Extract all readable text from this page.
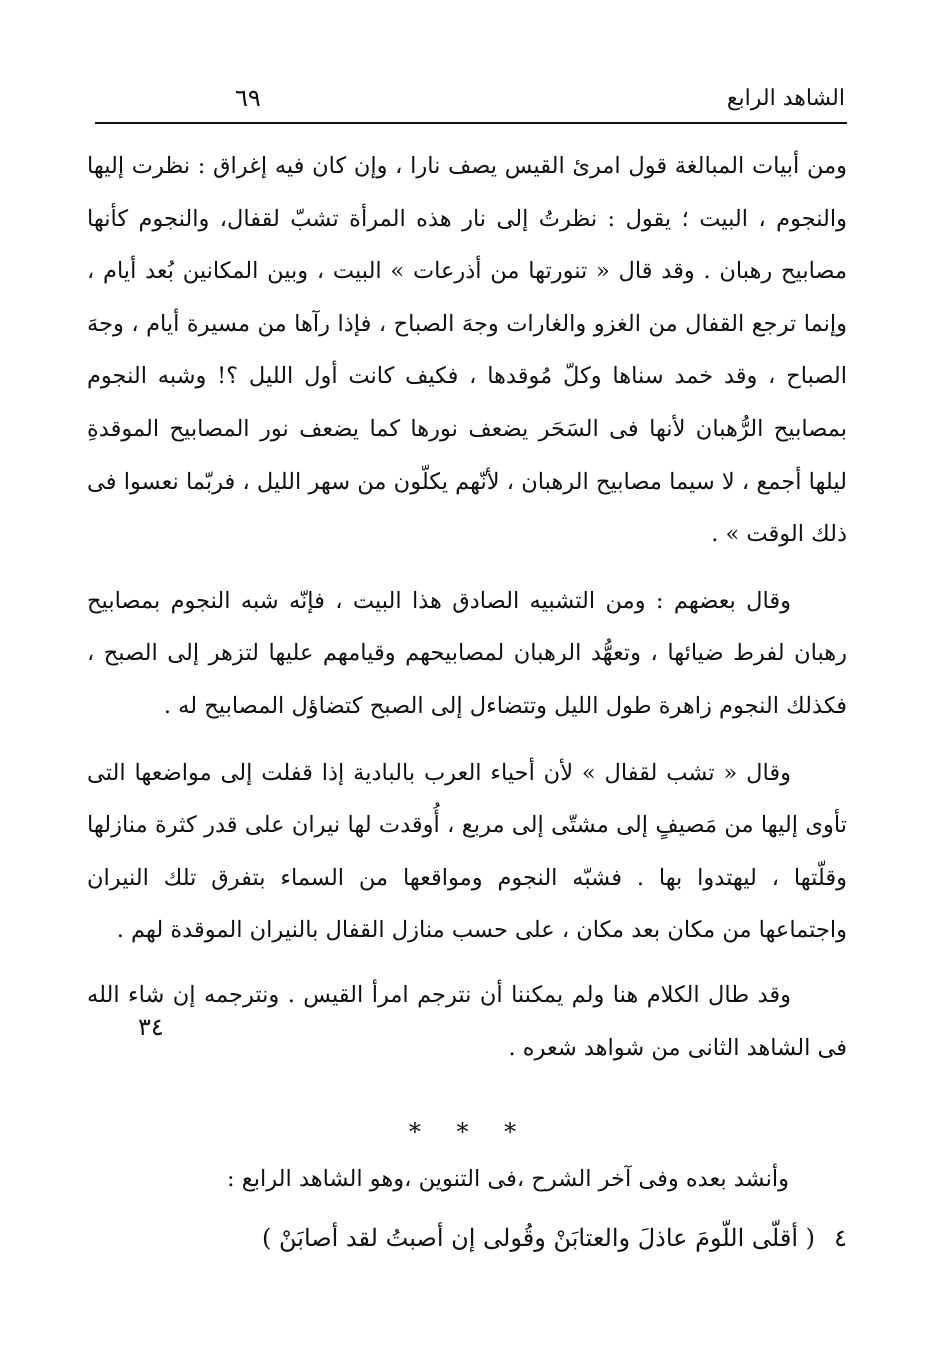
الشاهد الرابع
٦٩

ومن أبيات المبالغة قول امرئ القيس يصف نارا ، وإن كان فيه إغراق : نظرت إليها والنجوم ، البيت ؛ يقول : نظرتُ إلى نار هذه المرأة تشبّ لقفال، والنجوم كأنها مصابيح رهبان . وقد قال « تنورتها من أذرعات » البيت ، وبين المكانين بُعد أيام ، وإنما ترجع القفال من الغزو والغارات وجهَ الصباح ، فإذا رآها من مسيرة أيام ، وجهَ الصباح ، وقد خمد سناها وكلّ مُوقدها ، فكيف كانت أول الليل ؟! وشبه النجوم بمصابيح الرُّهبان لأنها فى السَحَر يضعف نورها كما يضعف نور المصابيح الموقدةِ ليلها أجمع ، لا سيما مصابيح الرهبان ، لأنّهم يكلّون من سهر الليل ، فربّما نعسوا فى ذلك الوقت » .

وقال بعضهم : ومن التشبيه الصادق هذا البيت ، فإنّه شبه النجوم بمصابيح رهبان لفرط ضيائها ، وتعهُّد الرهبان لمصابيحهم وقيامهم عليها لتزهر إلى الصبح ، فكذلك النجوم زاهرة طول الليل وتتضاءل إلى الصبح كتضاؤل المصابيح له .

وقال « تشب لقفال » لأن أحياء العرب بالبادية إذا قفلت إلى مواضعها التى تأوى إليها من مَصيفٍ إلى مشتّى إلى مربع ، أُوقدت لها نيران على قدر كثرة منازلها وقلّتها ، ليهتدوا بها . فشبّه النجوم ومواقعها من السماء بتفرق تلك النيران واجتماعها من مكان بعد مكان ، على حسب منازل القفال بالنيران الموقدة لهم .

وقد طال الكلام هنا ولم يمكننا أن نترجم امرأ القيس . ونترجمه إن شاء الله فى الشاهد الثانى من شواهد شعره .

٣٤
* * *
وأنشد بعده وفى آخر الشرح ،فى التنوين ،وهو الشاهد الرابع :
٤
( أقلّى اللّومَ عاذلَ والعتابَنْ وقُولى إن أصبتُ لقد أصابَنْ )
